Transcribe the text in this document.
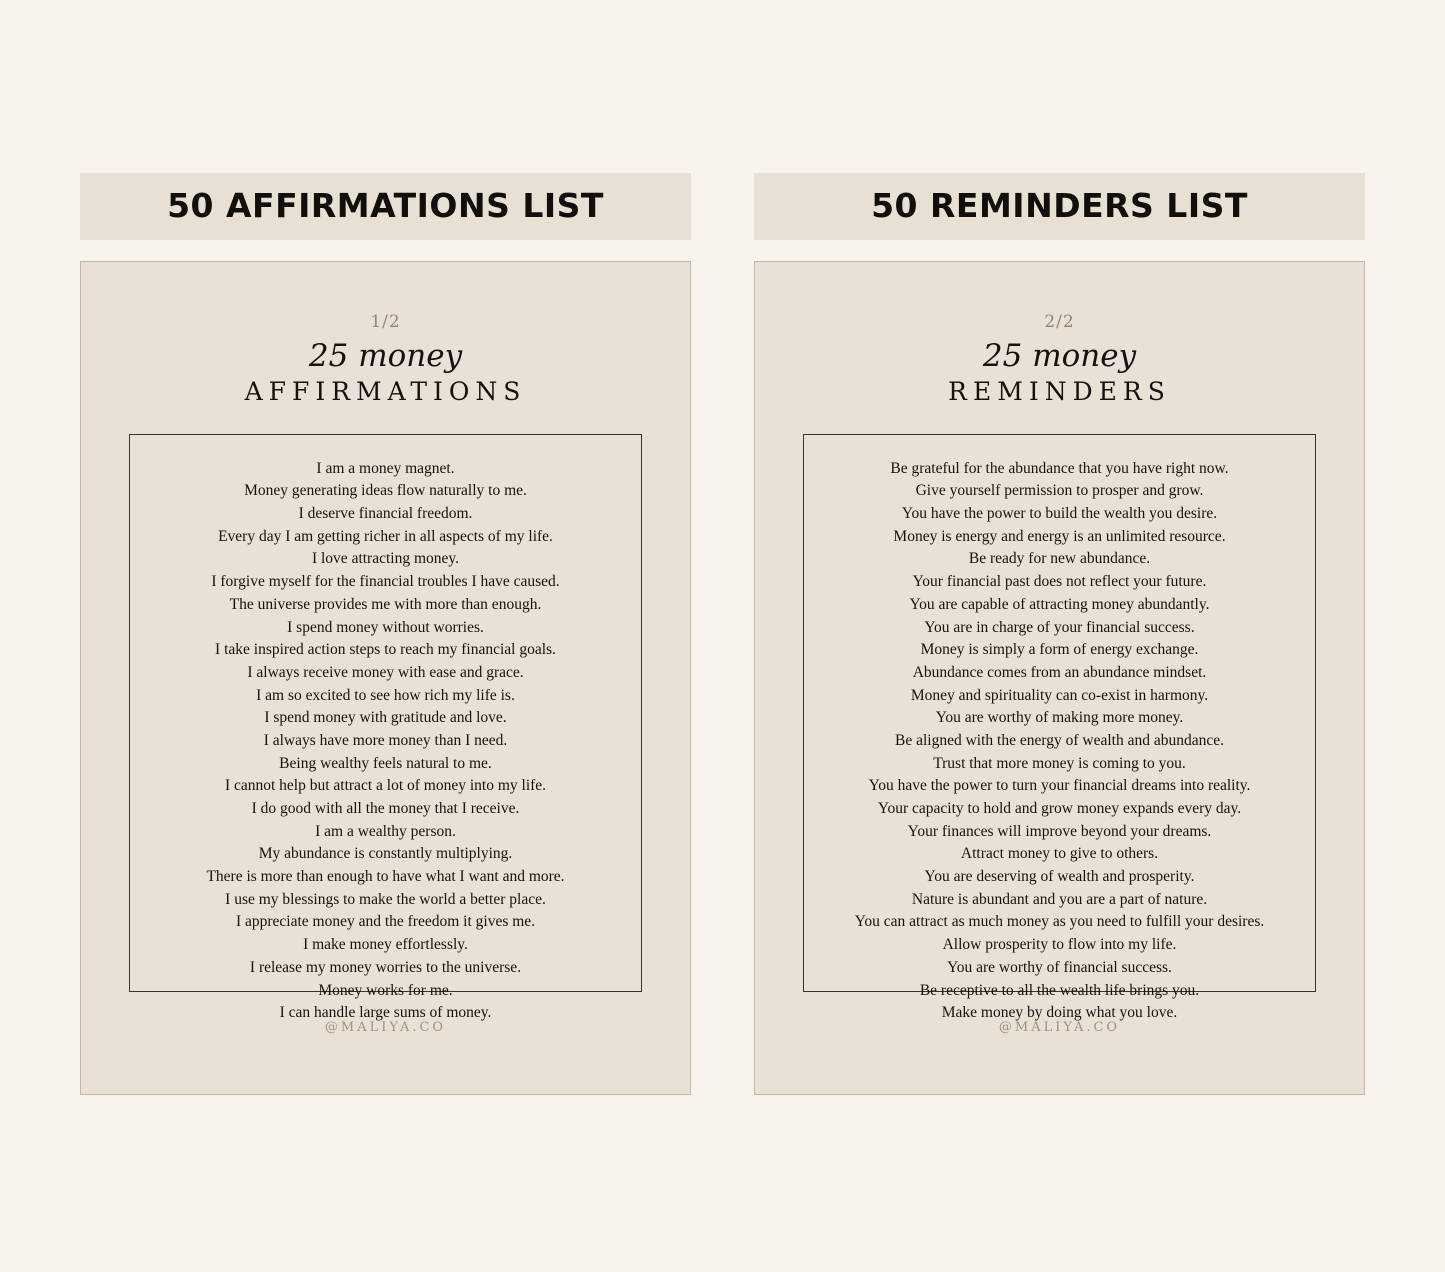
50 AFFIRMATIONS LIST
1/2
25 money
AFFIRMATIONS
I am a money magnet.
Money generating ideas flow naturally to me.
I deserve financial freedom.
Every day I am getting richer in all aspects of my life.
I love attracting money.
I forgive myself for the financial troubles I have caused.
The universe provides me with more than enough.
I spend money without worries.
I take inspired action steps to reach my financial goals.
I always receive money with ease and grace.
I am so excited to see how rich my life is.
I spend money with gratitude and love.
I always have more money than I need.
Being wealthy feels natural to me.
I cannot help but attract a lot of money into my life.
I do good with all the money that I receive.
I am a wealthy person.
My abundance is constantly multiplying.
There is more than enough to have what I want and more.
I use my blessings to make the world a better place.
I appreciate money and the freedom it gives me.
I make money effortlessly.
I release my money worries to the universe.
Money works for me.
I can handle large sums of money.
@MALIYA.CO
50 REMINDERS LIST
2/2
25 money
REMINDERS
Be grateful for the abundance that you have right now.
Give yourself permission to prosper and grow.
You have the power to build the wealth you desire.
Money is energy and energy is an unlimited resource.
Be ready for new abundance.
Your financial past does not reflect your future.
You are capable of attracting money abundantly.
You are in charge of your financial success.
Money is simply a form of energy exchange.
Abundance comes from an abundance mindset.
Money and spirituality can co-exist in harmony.
You are worthy of making more money.
Be aligned with the energy of wealth and abundance.
Trust that more money is coming to you.
You have the power to turn your financial dreams into reality.
Your capacity to hold and grow money expands every day.
Your finances will improve beyond your dreams.
Attract money to give to others.
You are deserving of wealth and prosperity.
Nature is abundant and you are a part of nature.
You can attract as much money as you need to fulfill your desires.
Allow prosperity to flow into my life.
You are worthy of financial success.
Be receptive to all the wealth life brings you.
Make money by doing what you love.
@MALIYA.CO
